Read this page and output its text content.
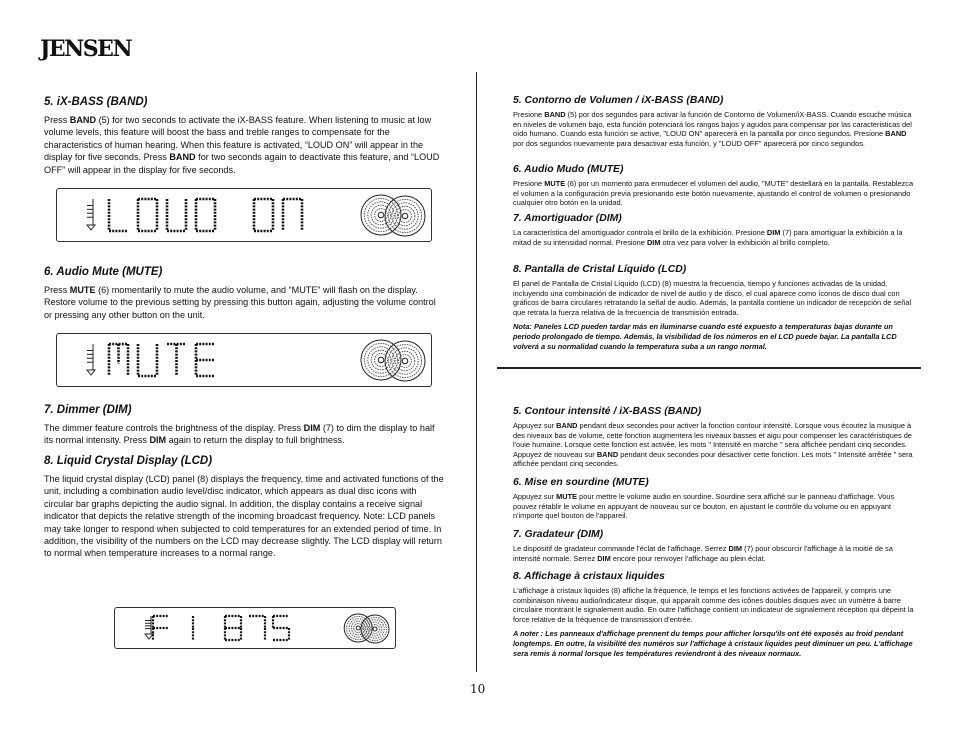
JENSEN
5. iX-BASS (BAND)

Press BAND (5) for two seconds to activate the iX-BASS feature. When listening to music at low volume levels, this feature will boost the bass and treble ranges to compensate for the characteristics of human hearing. When this feature is activated, “LOUD ON” will appear in the display for five seconds. Press BAND for two seconds again to deactivate this feature, and “LOUD OFF” will appear in the display for five seconds.

6. Audio Mute (MUTE)

Press MUTE (6) momentarily to mute the audio volume, and “MUTE” will flash on the display. Restore volume to the previous setting by pressing this button again, adjusting the volume control or pressing any other button on the unit.

7. Dimmer (DIM)

The dimmer feature controls the brightness of the display. Press DIM (7) to dim the display to half its normal intensity. Press DIM again to return the display to full brightness.

8. Liquid Crystal Display (LCD)

The liquid crystal display (LCD) panel (8) displays the frequency, time and activated functions of the unit, including a combination audio level/disc indicator, which appears as dual disc icons with circular bar graphs depicting the audio signal. In addition, the display contains a receive signal indicator that depicts the relative strength of the incoming broadcast frequency. Note: LCD panels may take longer to respond when subjected to cold temperatures for an extended period of time. In addition, the visibility of the numbers on the LCD may decrease slightly. The LCD display will return to normal when temperature increases to a normal range.

5. Contorno de Volumen / iX-BASS (BAND)

Presione BAND (5) por dos segundos para activar la función de Contorno de Volumen/iX-BASS. Cuando escuche música en niveles de volumen bajo, esta función potenciará los rangos bajos y agudos para compensar por las caracteristicas del oído humano. Cuando esta función se active, "LOUD ON" aparecerá en la pantalla por cinco segundos. Presione BAND por dos segundos nuevamente para desactivar esta función, y "LOUD OFF" aparecerá por cinco segundos.

6. Audio Mudo (MUTE)

Presione MUTE (6) por un momento para enmudecer el volumen del audio, "MUTE" destellará en la pantalla. Restablezca el volumen a la configuración previa presionando este botón nuevamente, ajustando el control de volumen o presionando cualquier otro botón en la unidad.

7. Amortiguador (DIM)

La característica del amortiguador controla el brillo de la exhibición. Presione DIM (7) para amortiguar la exhibición a la mitad de su intensidad normal. Presione DIM otra vez para volver la exhibición al brillo completo.

8. Pantalla de Cristal Líquido (LCD)

El panel de Pantalla de Cristal Líquido (LCD) (8) muestra la frecuencia, tiempo y funciones activadas de la unidad, incluyendo una combinación de indicador de nivel de audio y de disco, el cual aparece como íconos de disco dual con gráficos de barra circulares retratando la señal de audio. Además, la pantalla contiene un indicador de recepción de señal que retrata la fuerza relativa de la frecuencia de transmisión entrada.

Nota: Paneles LCD pueden tardar más en iluminarse cuando esté expuesto a temperaturas bajas durante un periodo prolongado de tiempo. Además, la visibilidad de los números en el LCD puede bajar. La pantalla LCD volverá a su normalidad cuando la temperatura suba a un rango normal.

5. Contour intensité / iX-BASS (BAND)

Appuyez sur BAND pendant deux secondes pour activer la fonction contour intensité. Lorsque vous écoutez la musique à des niveaux bas de volume, cette fonction augmentera les niveaux basses et aigu pour compenser les caractéristiques de l'ouie humaine. Lorsque cette fonction est activée, les mots " Intensité en marche " sera affichée pendant cinq secondes. Appuyez de nouveau sur BAND pendant deux secondes pour désactiver cette fonction. Les mots " Intensité arrêtée " sera affichée pendant cinq secondes.

6. Mise en sourdine (MUTE)

Appuyez sur MUTE pour mettre le volume audio en sourdine. Sourdine sera affiché sur le panneau d'affichage. Vous pouvez rétablir le volume en appuyant de nouveau sur ce bouton, en ajustant le contrôle du volume ou en appuyant n'importe quel bouton de l'appareil.

7. Gradateur (DIM)

Le dispositif de gradateur commande l'éclat de l'affichage. Serrez DIM (7) pour obscurcir l'affichage à la moitié de sa intensité normale. Serrez DIM encore pour renvoyer l'affichage au plein éclat.

8. Affichage à cristaux liquides

L'affichage à cristaux liquides (8) affiche la fréquence, le temps et les fonctions activées de l'appareil, y compris une combinaison niveau audio/indicateur disque, qui apparaît comme des icônes doubles disques avec un vumètre à barre circulaire montrant le signalement audio. En outre l'affichage contient un indicateur de signalement réception qui dépeint la force relative de la fréquence de transmission d'entrée.

A noter : Les panneaux d'affichage prennent du temps pour afficher lorsqu'ils ont été exposés au froid pendant longtemps. En outre, la visibilité des numéros sur l'affichage à cristaux liquides peut diminuer un peu. L'affichage sera remis à normal lorsque les températures reviendront à des niveaux normaux.

10
